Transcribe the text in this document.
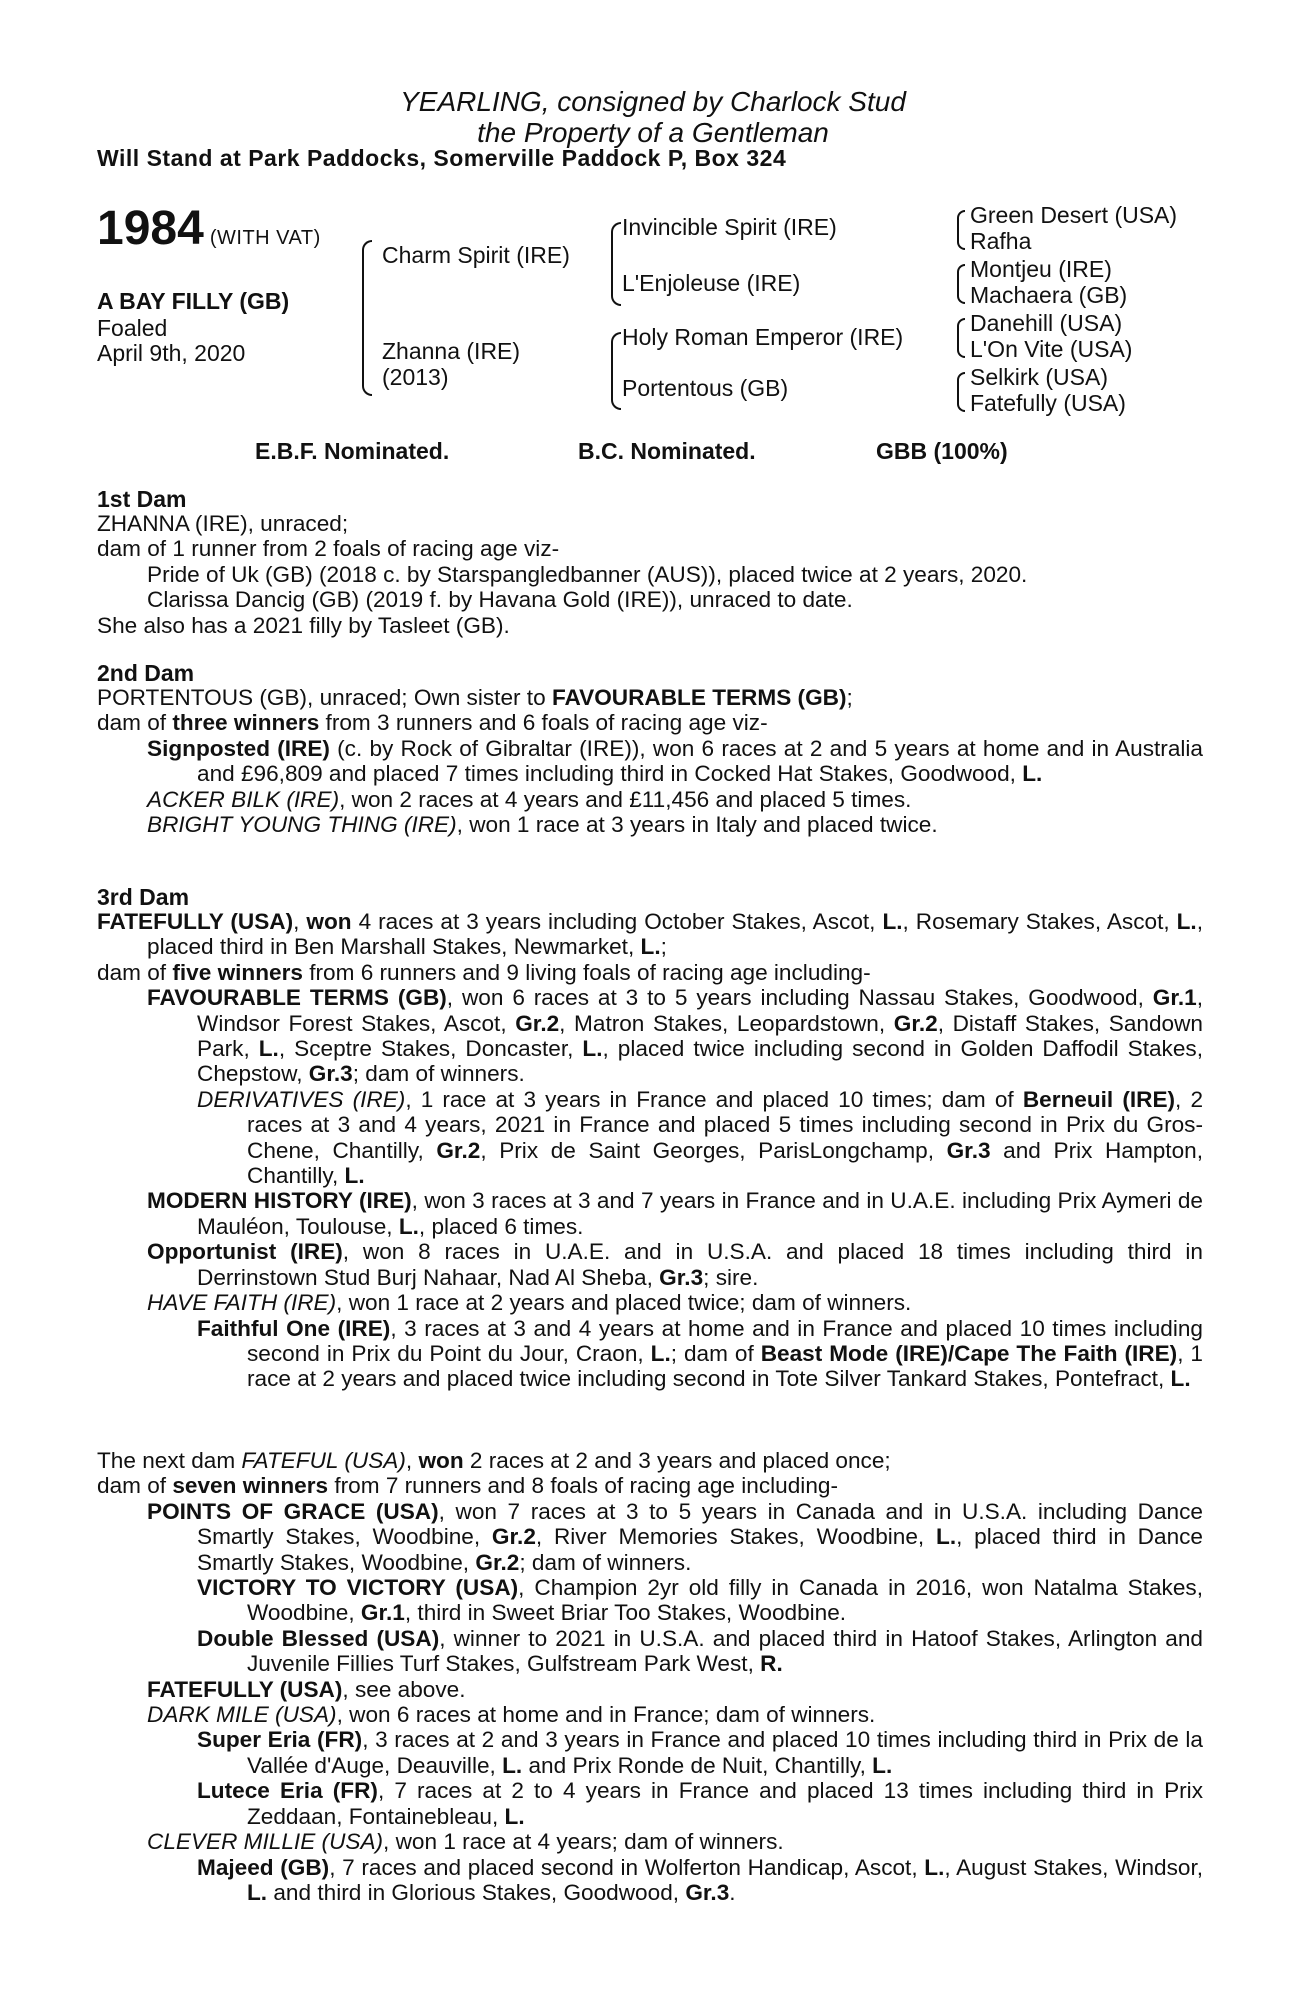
YEARLING, consigned by Charlock Stud
the Property of a Gentleman
Will Stand at Park Paddocks, Somerville Paddock P, Box 324
1984 (WITH VAT)
A BAY FILLY (GB)
Foaled
April 9th, 2020
Charm Spirit (IRE)
Zhanna (IRE)
(2013)
Invincible Spirit (IRE)
L'Enjoleuse (IRE)
Holy Roman Emperor (IRE)
Portentous (GB)
Green Desert (USA)
Rafha
Montjeu (IRE)
Machaera (GB)
Danehill (USA)
L'On Vite (USA)
Selkirk (USA)
Fatefully (USA)
E.B.F. Nominated.	B.C. Nominated.	GBB (100%)
1st Dam

ZHANNA (IRE), unraced;

dam of 1 runner from 2 foals of racing age viz-

Pride of Uk (GB) (2018 c. by Starspangledbanner (AUS)), placed twice at 2 years, 2020.

Clarissa Dancig (GB) (2019 f. by Havana Gold (IRE)), unraced to date.

She also has a 2021 filly by Tasleet (GB).

2nd Dam

PORTENTOUS (GB), unraced; Own sister to FAVOURABLE TERMS (GB);

dam of three winners from 3 runners and 6 foals of racing age viz-

Signposted (IRE) (c. by Rock of Gibraltar (IRE)), won 6 races at 2 and 5 years at home and in Australia and £96,809 and placed 7 times including third in Cocked Hat Stakes, Goodwood, L.

ACKER BILK (IRE), won 2 races at 4 years and £11,456 and placed 5 times.

BRIGHT YOUNG THING (IRE), won 1 race at 3 years in Italy and placed twice.

3rd Dam

FATEFULLY (USA), won 4 races at 3 years including October Stakes, Ascot, L., Rosemary Stakes, Ascot, L., placed third in Ben Marshall Stakes, Newmarket, L.;

dam of five winners from 6 runners and 9 living foals of racing age including-

FAVOURABLE TERMS (GB), won 6 races at 3 to 5 years including Nassau Stakes, Goodwood, Gr.1, Windsor Forest Stakes, Ascot, Gr.2, Matron Stakes, Leopardstown, Gr.2, Distaff Stakes, Sandown Park, L., Sceptre Stakes, Doncaster, L., placed twice including second in Golden Daffodil Stakes, Chepstow, Gr.3; dam of winners.

DERIVATIVES (IRE), 1 race at 3 years in France and placed 10 times; dam of Berneuil (IRE), 2 races at 3 and 4 years, 2021 in France and placed 5 times including second in Prix du Gros-Chene, Chantilly, Gr.2, Prix de Saint Georges, ParisLongchamp, Gr.3 and Prix Hampton, Chantilly, L.

MODERN HISTORY (IRE), won 3 races at 3 and 7 years in France and in U.A.E. including Prix Aymeri de Mauléon, Toulouse, L., placed 6 times.

Opportunist (IRE), won 8 races in U.A.E. and in U.S.A. and placed 18 times including third in Derrinstown Stud Burj Nahaar, Nad Al Sheba, Gr.3; sire.

HAVE FAITH (IRE), won 1 race at 2 years and placed twice; dam of winners.

Faithful One (IRE), 3 races at 3 and 4 years at home and in France and placed 10 times including second in Prix du Point du Jour, Craon, L.; dam of Beast Mode (IRE)/Cape The Faith (IRE), 1 race at 2 years and placed twice including second in Tote Silver Tankard Stakes, Pontefract, L.

The next dam FATEFUL (USA), won 2 races at 2 and 3 years and placed once;

dam of seven winners from 7 runners and 8 foals of racing age including-

POINTS OF GRACE (USA), won 7 races at 3 to 5 years in Canada and in U.S.A. including Dance Smartly Stakes, Woodbine, Gr.2, River Memories Stakes, Woodbine, L., placed third in Dance Smartly Stakes, Woodbine, Gr.2; dam of winners.

VICTORY TO VICTORY (USA), Champion 2yr old filly in Canada in 2016, won Natalma Stakes, Woodbine, Gr.1, third in Sweet Briar Too Stakes, Woodbine.

Double Blessed (USA), winner to 2021 in U.S.A. and placed third in Hatoof Stakes, Arlington and Juvenile Fillies Turf Stakes, Gulfstream Park West, R.

FATEFULLY (USA), see above.

DARK MILE (USA), won 6 races at home and in France; dam of winners.

Super Eria (FR), 3 races at 2 and 3 years in France and placed 10 times including third in Prix de la Vallée d'Auge, Deauville, L. and Prix Ronde de Nuit, Chantilly, L.

Lutece Eria (FR), 7 races at 2 to 4 years in France and placed 13 times including third in Prix Zeddaan, Fontainebleau, L.

CLEVER MILLIE (USA), won 1 race at 4 years; dam of winners.

Majeed (GB), 7 races and placed second in Wolferton Handicap, Ascot, L., August Stakes, Windsor, L. and third in Glorious Stakes, Goodwood, Gr.3.
